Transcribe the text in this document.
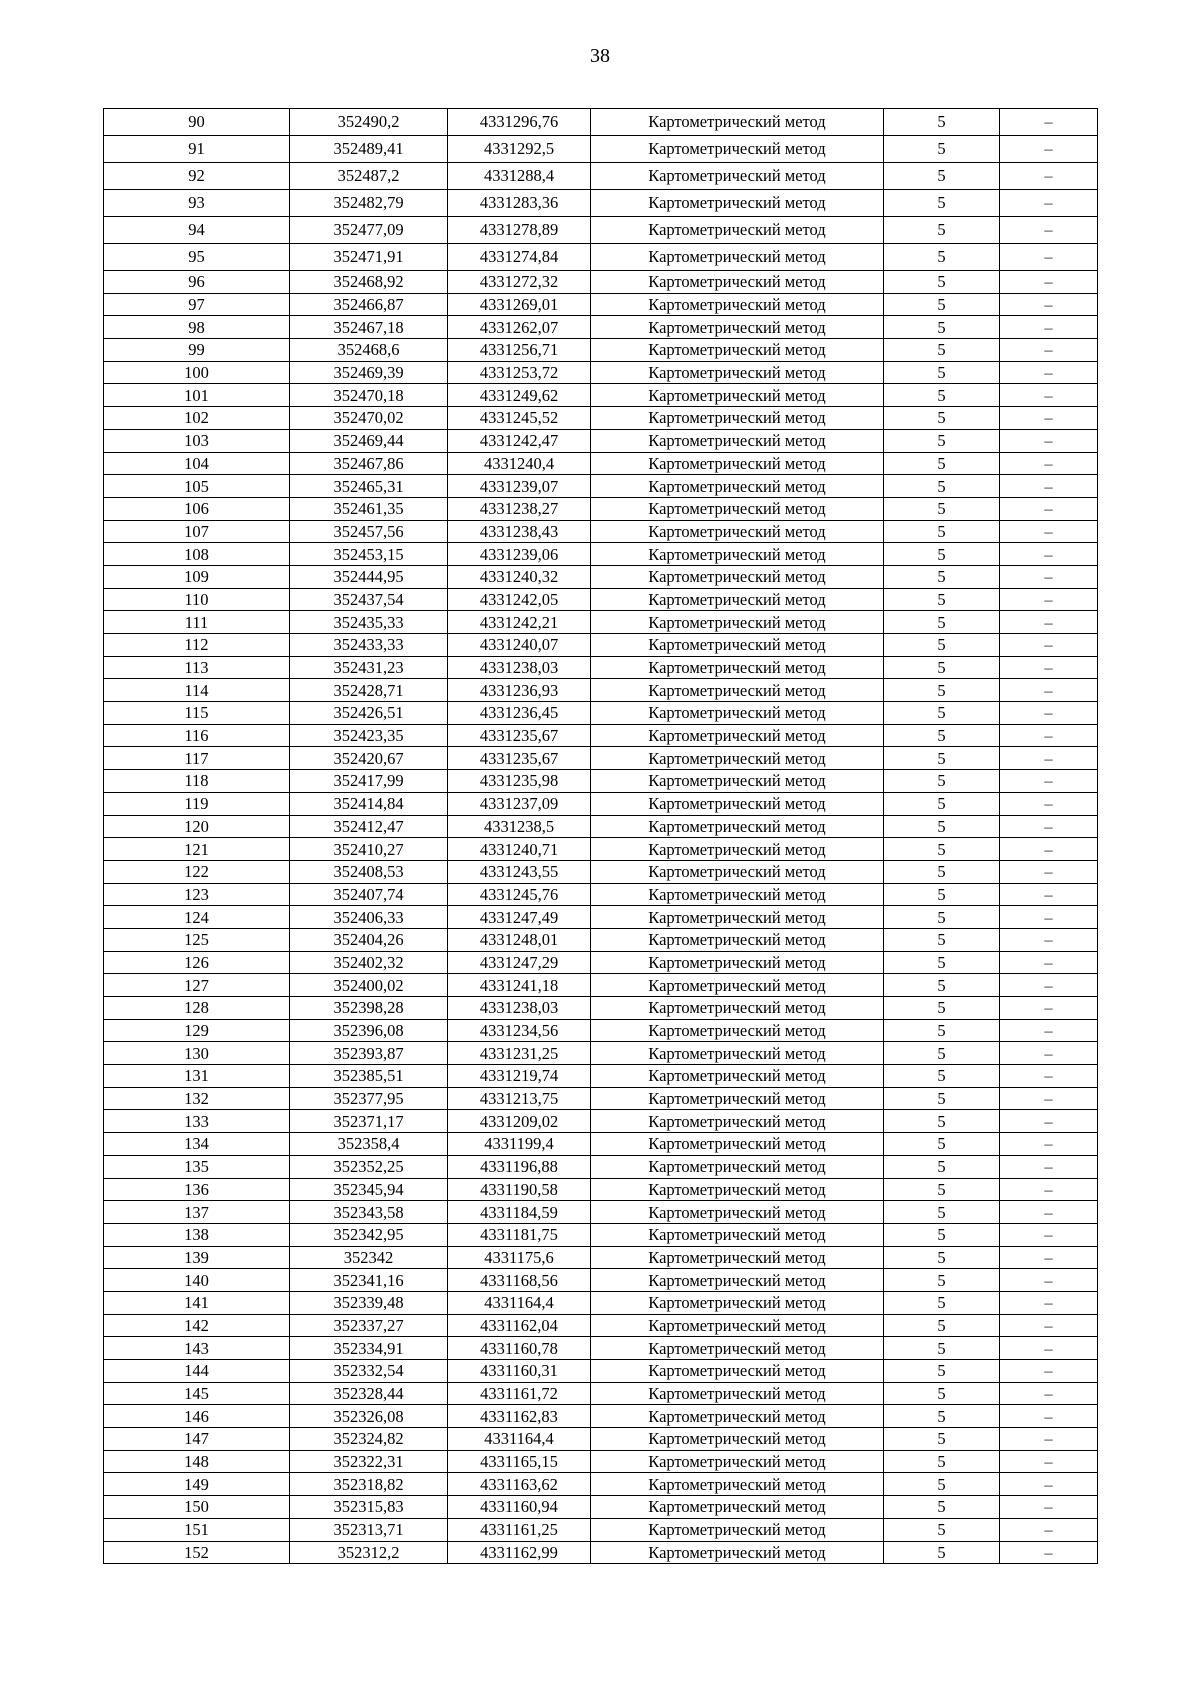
38
90	352490,2	4331296,76	Картометрический метод	5	–
91	352489,41	4331292,5	Картометрический метод	5	–
92	352487,2	4331288,4	Картометрический метод	5	–
93	352482,79	4331283,36	Картометрический метод	5	–
94	352477,09	4331278,89	Картометрический метод	5	–
95	352471,91	4331274,84	Картометрический метод	5	–
96	352468,92	4331272,32	Картометрический метод	5	–
97	352466,87	4331269,01	Картометрический метод	5	–
98	352467,18	4331262,07	Картометрический метод	5	–
99	352468,6	4331256,71	Картометрический метод	5	–
100	352469,39	4331253,72	Картометрический метод	5	–
101	352470,18	4331249,62	Картометрический метод	5	–
102	352470,02	4331245,52	Картометрический метод	5	–
103	352469,44	4331242,47	Картометрический метод	5	–
104	352467,86	4331240,4	Картометрический метод	5	–
105	352465,31	4331239,07	Картометрический метод	5	–
106	352461,35	4331238,27	Картометрический метод	5	–
107	352457,56	4331238,43	Картометрический метод	5	–
108	352453,15	4331239,06	Картометрический метод	5	–
109	352444,95	4331240,32	Картометрический метод	5	–
110	352437,54	4331242,05	Картометрический метод	5	–
111	352435,33	4331242,21	Картометрический метод	5	–
112	352433,33	4331240,07	Картометрический метод	5	–
113	352431,23	4331238,03	Картометрический метод	5	–
114	352428,71	4331236,93	Картометрический метод	5	–
115	352426,51	4331236,45	Картометрический метод	5	–
116	352423,35	4331235,67	Картометрический метод	5	–
117	352420,67	4331235,67	Картометрический метод	5	–
118	352417,99	4331235,98	Картометрический метод	5	–
119	352414,84	4331237,09	Картометрический метод	5	–
120	352412,47	4331238,5	Картометрический метод	5	–
121	352410,27	4331240,71	Картометрический метод	5	–
122	352408,53	4331243,55	Картометрический метод	5	–
123	352407,74	4331245,76	Картометрический метод	5	–
124	352406,33	4331247,49	Картометрический метод	5	–
125	352404,26	4331248,01	Картометрический метод	5	–
126	352402,32	4331247,29	Картометрический метод	5	–
127	352400,02	4331241,18	Картометрический метод	5	–
128	352398,28	4331238,03	Картометрический метод	5	–
129	352396,08	4331234,56	Картометрический метод	5	–
130	352393,87	4331231,25	Картометрический метод	5	–
131	352385,51	4331219,74	Картометрический метод	5	–
132	352377,95	4331213,75	Картометрический метод	5	–
133	352371,17	4331209,02	Картометрический метод	5	–
134	352358,4	4331199,4	Картометрический метод	5	–
135	352352,25	4331196,88	Картометрический метод	5	–
136	352345,94	4331190,58	Картометрический метод	5	–
137	352343,58	4331184,59	Картометрический метод	5	–
138	352342,95	4331181,75	Картометрический метод	5	–
139	352342	4331175,6	Картометрический метод	5	–
140	352341,16	4331168,56	Картометрический метод	5	–
141	352339,48	4331164,4	Картометрический метод	5	–
142	352337,27	4331162,04	Картометрический метод	5	–
143	352334,91	4331160,78	Картометрический метод	5	–
144	352332,54	4331160,31	Картометрический метод	5	–
145	352328,44	4331161,72	Картометрический метод	5	–
146	352326,08	4331162,83	Картометрический метод	5	–
147	352324,82	4331164,4	Картометрический метод	5	–
148	352322,31	4331165,15	Картометрический метод	5	–
149	352318,82	4331163,62	Картометрический метод	5	–
150	352315,83	4331160,94	Картометрический метод	5	–
151	352313,71	4331161,25	Картометрический метод	5	–
152	352312,2	4331162,99	Картометрический метод	5	–
